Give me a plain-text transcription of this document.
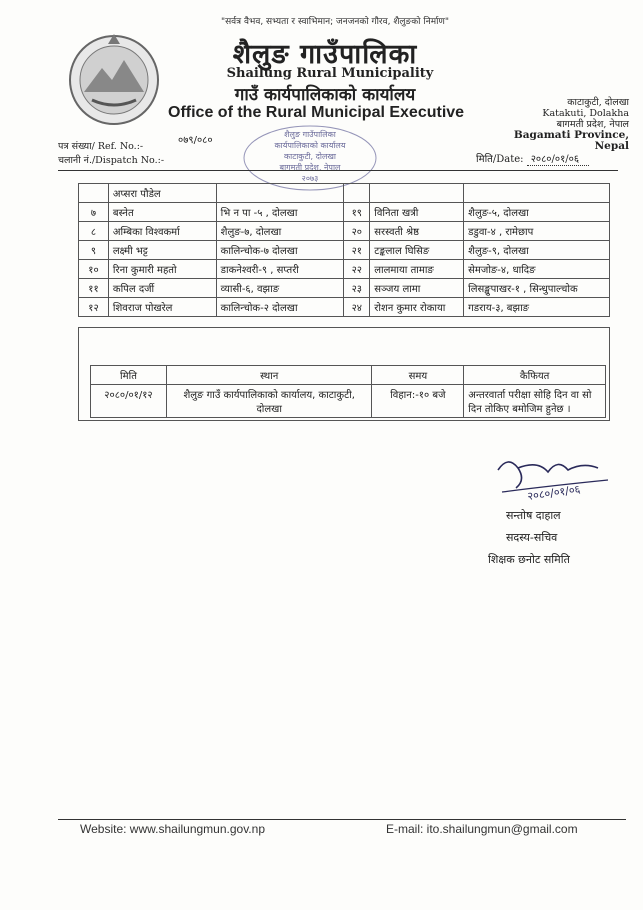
"सर्वत्र वैभव, सभ्यता र स्वाभिमान; जनजनको गौरव, शैलुङको निर्माण"
शैलुङ गाउँपालिका
Shailung Rural Municipality
गाउँ कार्यपालिकाको कार्यालय
Office of the Rural Municipal Executive
काटाकुटी, दोलखा
Katakuti, Dolakha
बागमती प्रदेश, नेपाल
Bagamati Province, Nepal
पत्र संख्या/ Ref. No.:-
चलानी नं./Dispatch No.:-
०७९/०८०
शैलुङ गाउँपालिका
कार्यपालिकाको कार्यालय
काटाकुटी, दोलखा
बागमती प्रदेश, नेपाल
२०७३
मिति/Date: २०८०/०१/०६
	अप्सरा पौडेल				
७	बस्नेत	भि न पा -५ , दोलखा	१९	विनिता खत्री	शैलुङ-५, दोलखा
८	अम्बिका विश्वकर्मा	शैलुङ-७, दोलखा	२०	सरस्वती श्रेष्ठ	डडुवा-४ , रामेछाप
९	लक्ष्मी भट्ट	कालिन्चोक-७ दोलखा	२१	टङ्कलाल घिसिङ	शैलुङ-९, दोलखा
१०	रिना कुमारी महतो	डाकनेश्वरी-९ , सप्तरी	२२	लालमाया तामाङ	सेमजोङ-४, धादिङ
११	कपिल दर्जी	व्यासी-६, वझाङ	२३	सञ्जय लामा	लिसङ्खुपाखर-१ , सिन्धुपाल्चोक
१२	शिवराज पोखरेल	कालिन्चोक-२ दोलखा	२४	रोशन कुमार रोकाया	गडराय-३, बझाङ
मिति	स्थान	समय	कैफियत
२०८०/०१/१२	शैलुङ गाउँ कार्यपालिकाको कार्यालय, काटाकुटी, दोलखा	विहान:-१० बजे	अन्तरवार्ता परीक्षा सोहि दिन वा सो दिन तोकिए बमोजिम हुनेछ ।
२०८०/०१/०६
सन्तोष दाहाल
सदस्य-सचिव
शिक्षक छनोट समिति
Website: www.shailungmun.gov.np	E-mail: ito.shailungmun@gmail.com
